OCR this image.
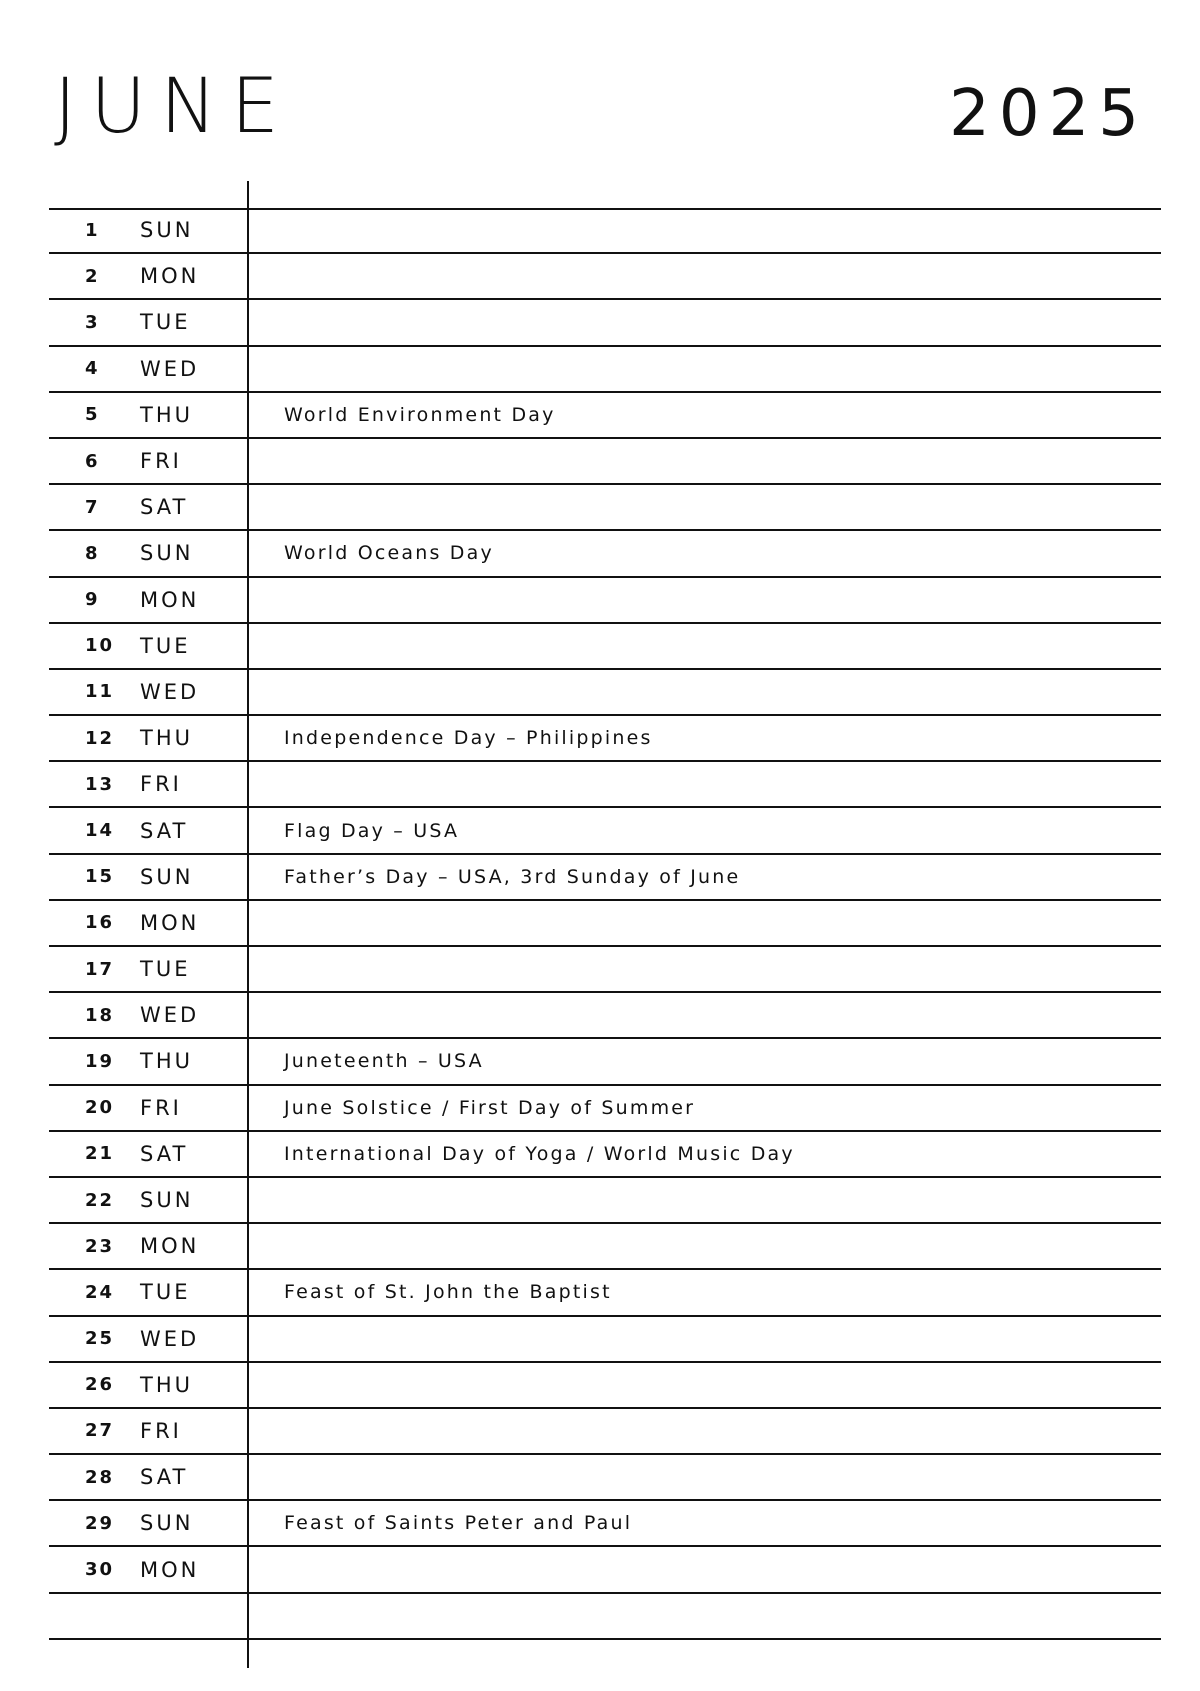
JUNE	2025
1 SUN
2 MON
3 TUE
4 WED
5 THU	World Environment Day
6 FRI
7 SAT
8 SUN	World Oceans Day
9 MON
10 TUE
11 WED
12 THU	Independence Day – Philippines
13 FRI
14 SAT	Flag Day – USA
15 SUN	Father’s Day – USA, 3rd Sunday of June
16 MON
17 TUE
18 WED
19 THU	Juneteenth – USA
20 FRI	June Solstice / First Day of Summer
21 SAT	International Day of Yoga / World Music Day
22 SUN
23 MON
24 TUE	Feast of St. John the Baptist
25 WED
26 THU
27 FRI
28 SAT
29 SUN	Feast of Saints Peter and Paul
30 MON
